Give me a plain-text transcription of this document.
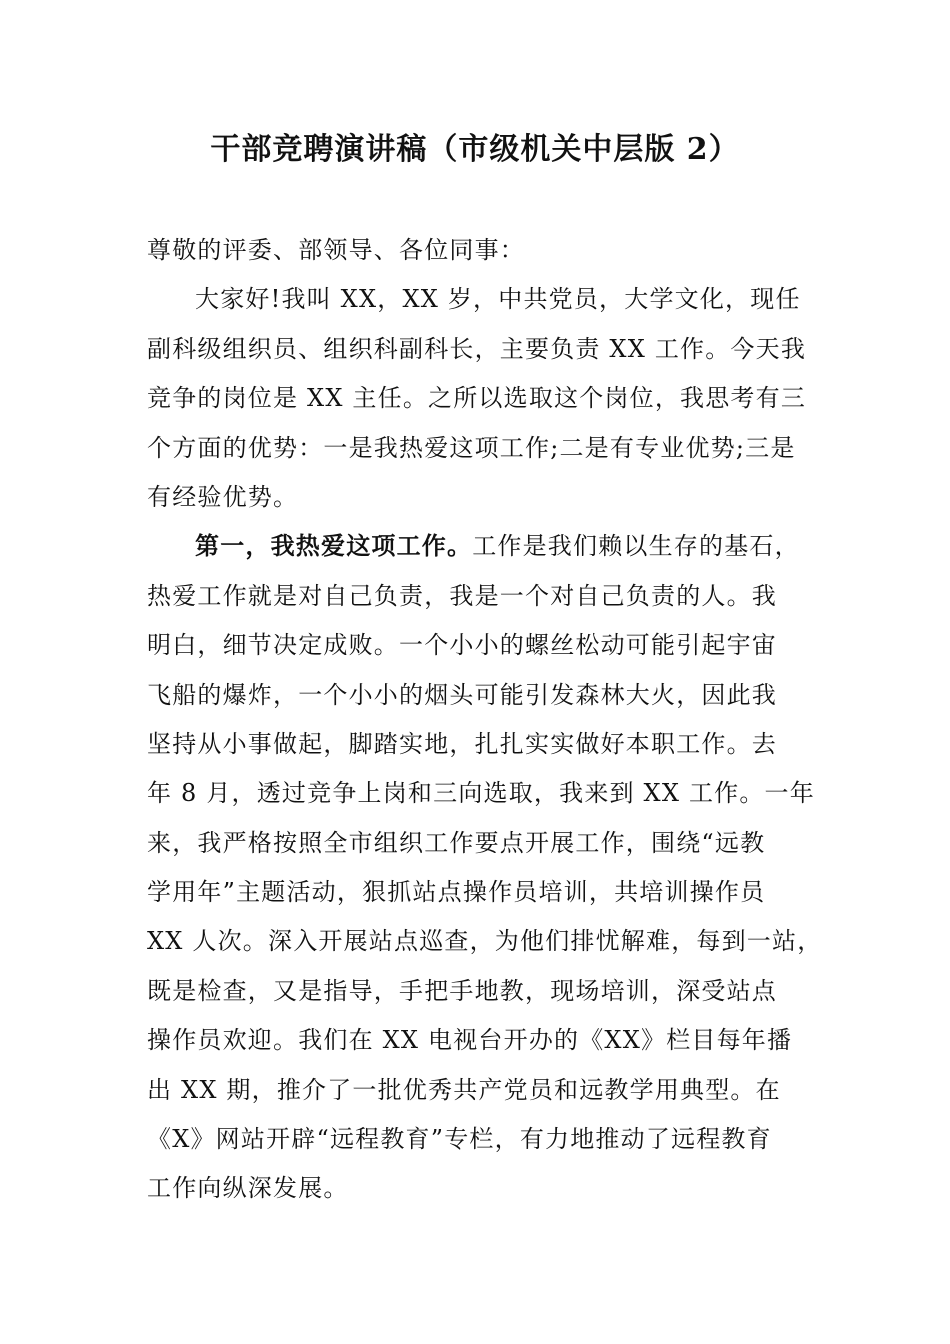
干部竞聘演讲稿（市级机关中层版 2）
尊敬的评委、部领导、各位同事：
大家好!我叫 XX，XX 岁，中共党员，大学文化，现任
副科级组织员、组织科副科长，主要负责 XX 工作。今天我
竞争的岗位是 XX 主任。之所以选取这个岗位，我思考有三
个方面的优势：一是我热爱这项工作;二是有专业优势;三是
有经验优势。
第一，我热爱这项工作。工作是我们赖以生存的基石，
热爱工作就是对自己负责，我是一个对自己负责的人。我
明白，细节决定成败。一个小小的螺丝松动可能引起宇宙
飞船的爆炸，一个小小的烟头可能引发森林大火，因此我
坚持从小事做起，脚踏实地，扎扎实实做好本职工作。去
年 8 月，透过竞争上岗和三向选取，我来到 XX 工作。一年
来，我严格按照全市组织工作要点开展工作，围绕“远教
学用年”主题活动，狠抓站点操作员培训，共培训操作员
XX 人次。深入开展站点巡查，为他们排忧解难，每到一站，
既是检查，又是指导，手把手地教，现场培训，深受站点
操作员欢迎。我们在 XX 电视台开办的《XX》栏目每年播
出 XX 期，推介了一批优秀共产党员和远教学用典型。在
《X》网站开辟“远程教育”专栏，有力地推动了远程教育
工作向纵深发展。
